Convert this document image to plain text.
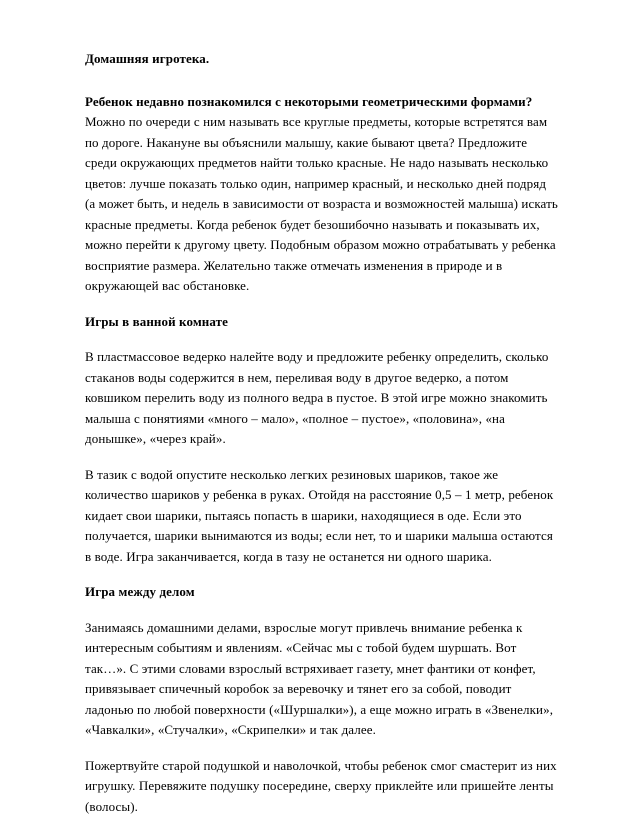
Домашняя игротека.

Ребенок недавно познакомился с некоторыми геометрическими формами? Можно по очереди с ним называть все круглые предметы, которые встретятся вам по дороге. Накануне вы объяснили малышу, какие бывают цвета? Предложите среди окружающих предметов найти только красные. Не надо называть несколько цветов: лучше показать только один, например красный, и несколько дней подряд (а может быть, и недель в зависимости от возраста и возможностей малыша) искать красные предметы. Когда ребенок будет безошибочно называть и показывать их, можно перейти к другому цвету. Подобным образом можно отрабатывать у ребенка восприятие размера. Желательно также отмечать изменения в природе и в окружающей вас обстановке.

Игры в ванной комнате

В пластмассовое ведерко налейте воду и предложите ребенку определить, сколько стаканов воды содержится в нем, переливая воду в другое ведерко, а потом ковшиком перелить воду из полного ведра в пустое. В этой игре можно знакомить малыша с понятиями «много – мало», «полное – пустое», «половина», «на донышке», «через край».

В тазик с водой опустите несколько легких резиновых шариков, такое же количество шариков у ребенка в руках. Отойдя на расстояние 0,5 – 1 метр, ребенок кидает свои шарики, пытаясь попасть в шарики, находящиеся в оде. Если это получается, шарики вынимаются из воды; если нет, то и шарики малыша остаются в воде. Игра заканчивается, когда в тазу не останется ни одного шарика.

Игра между делом

Занимаясь домашними делами, взрослые могут привлечь внимание ребенка к интересным событиям и явлениям. «Сейчас мы с тобой будем шуршать. Вот так…». С этими словами взрослый встряхивает газету, мнет фантики от конфет, привязывает спичечный коробок за веревочку и тянет его за собой, поводит ладонью по любой поверхности («Шуршалки»), а еще можно играть в «Звенелки», «Чавкалки», «Стучалки», «Скрипелки» и так далее.

Пожертвуйте старой подушкой и наволочкой, чтобы ребенок смог смастерит из них игрушку. Перевяжите подушку посередине, сверху приклейте или пришейте ленты (волосы).
